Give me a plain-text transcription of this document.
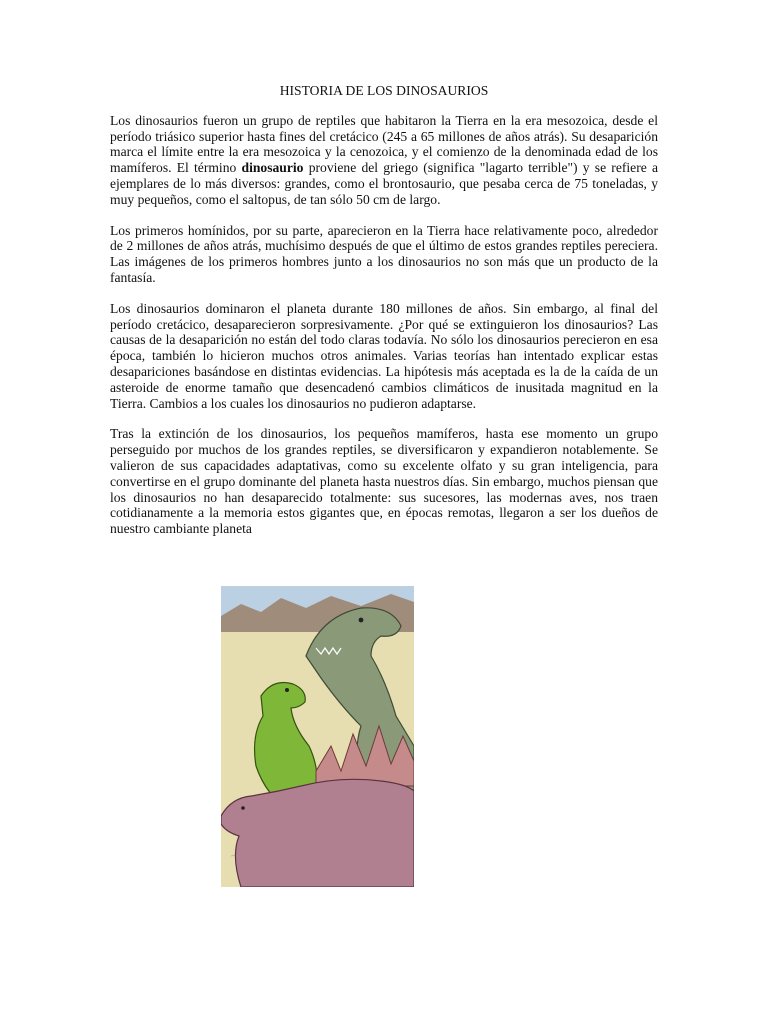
HISTORIA DE LOS DINOSAURIOS

Los dinosaurios fueron un grupo de reptiles que habitaron la Tierra en la era mesozoica, desde el período triásico superior hasta fines del cretácico (245 a 65 millones de años atrás). Su desaparición marca el límite entre la era mesozoica y la cenozoica, y el comienzo de la denominada edad de los mamíferos. El término dinosaurio proviene del griego (significa "lagarto terrible") y se refiere a ejemplares de lo más diversos: grandes, como el brontosaurio, que pesaba cerca de 75 toneladas, y muy pequeños, como el saltopus, de tan sólo 50 cm de largo.

Los primeros homínidos, por su parte, aparecieron en la Tierra hace relativamente poco, alrededor de 2 millones de años atrás, muchísimo después de que el último de estos grandes reptiles pereciera. Las imágenes de los primeros hombres junto a los dinosaurios no son más que un producto de la fantasía.

Los dinosaurios dominaron el planeta durante 180 millones de años. Sin embargo, al final del período cretácico, desaparecieron sorpresivamente. ¿Por qué se extinguieron los dinosaurios? Las causas de la desaparición no están del todo claras todavía. No sólo los dinosaurios perecieron en esa época, también lo hicieron muchos otros animales. Varias teorías han intentado explicar estas desapariciones basándose en distintas evidencias. La hipótesis más aceptada es la de la caída de un asteroide de enorme tamaño que desencadenó cambios climáticos de inusitada magnitud en la Tierra. Cambios a los cuales los dinosaurios no pudieron adaptarse.

Tras la extinción de los dinosaurios, los pequeños mamíferos, hasta ese momento un grupo perseguido por muchos de los grandes reptiles, se diversificaron y expandieron notablemente. Se valieron de sus capacidades adaptativas, como su excelente olfato y su gran inteligencia, para convertirse en el grupo dominante del planeta hasta nuestros días. Sin embargo, muchos piensan que los dinosaurios no han desaparecido totalmente: sus sucesores, las modernas aves, nos traen cotidianamente a la memoria estos gigantes que, en épocas remotas, llegaron a ser los dueños de nuestro cambiante planeta
